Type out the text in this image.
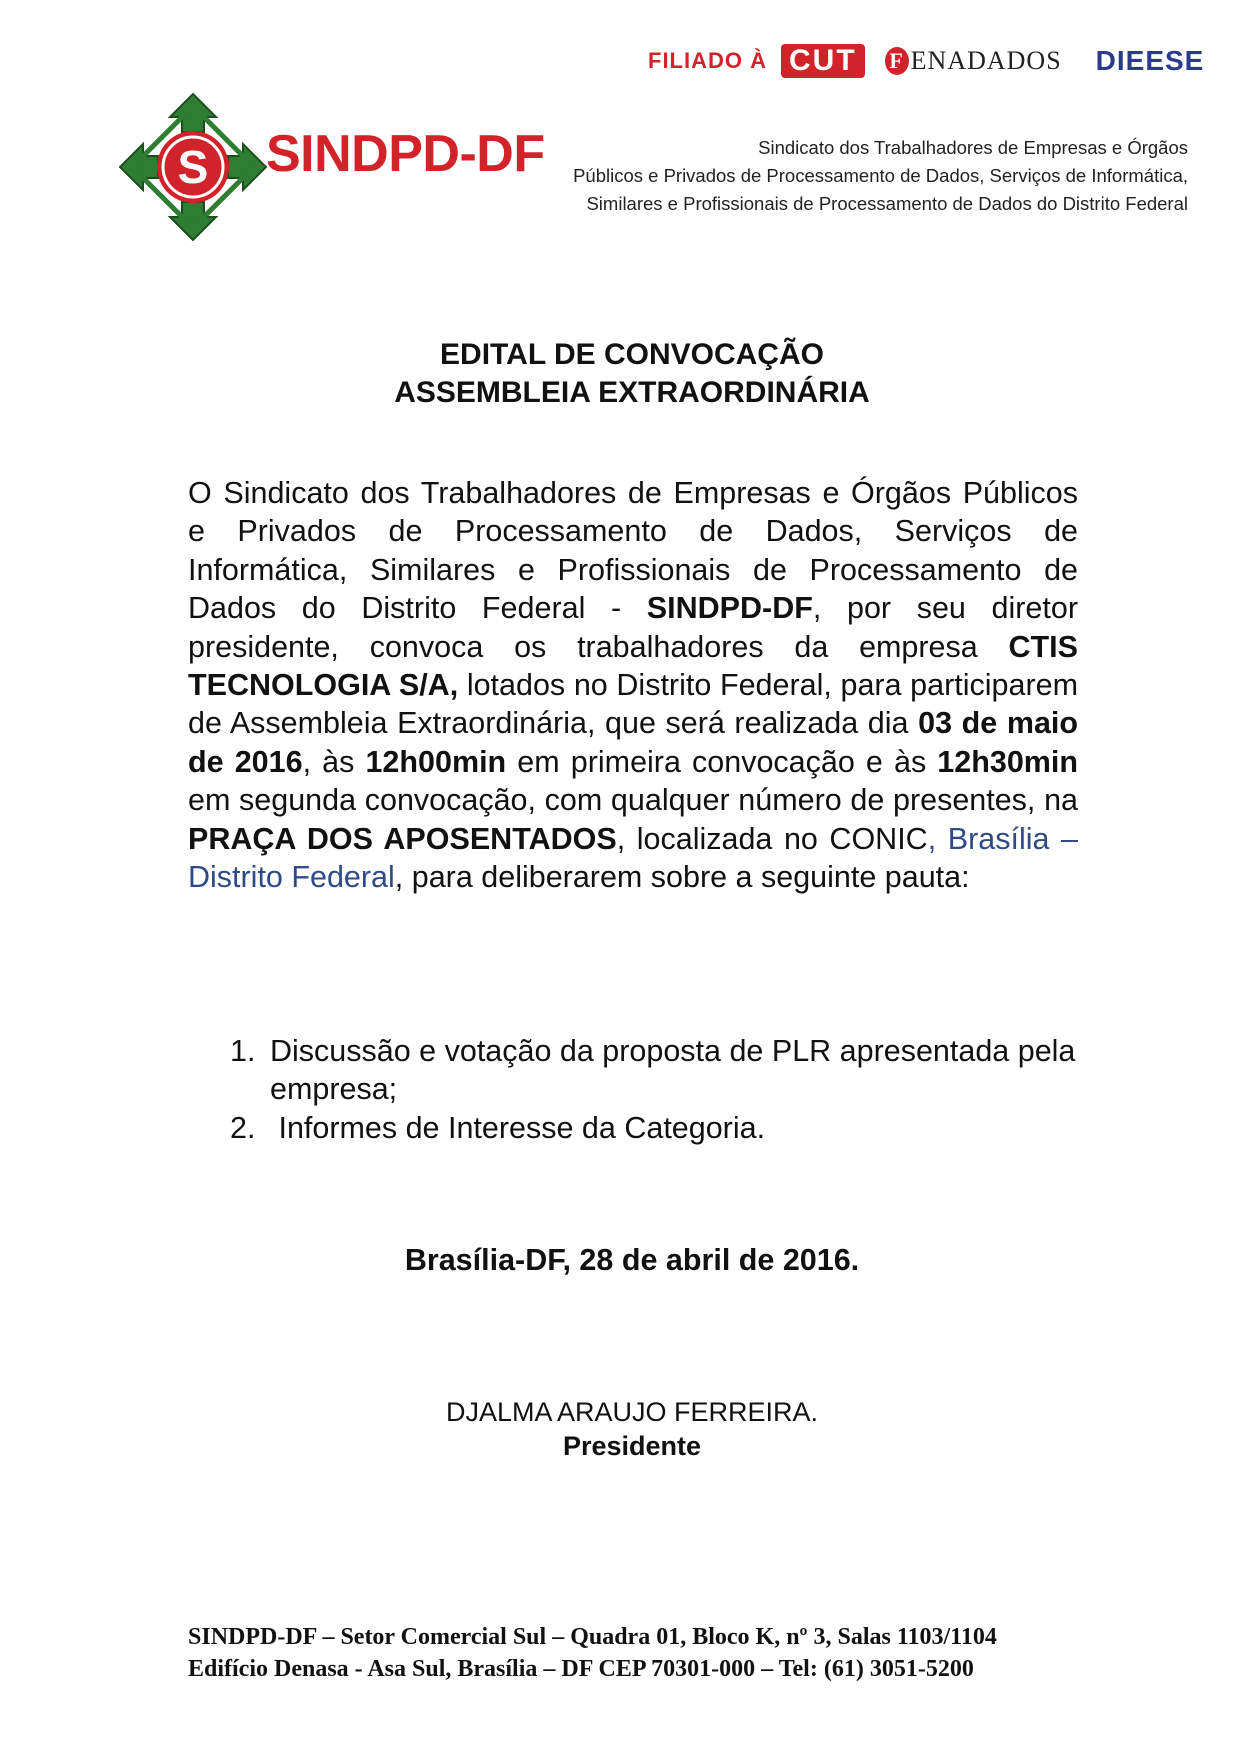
FILIADO À CUT	F ENADADOS DIEESE
S SINDPD-DF	Sindicato dos Trabalhadores de Empresas e Órgãos
Públicos e Privados de Processamento de Dados, Serviços de Informática,
Similares e Profissionais de Processamento de Dados do Distrito Federal
EDITAL DE CONVOCAÇÃO
ASSEMBLEIA EXTRAORDINÁRIA
O Sindicato dos Trabalhadores de Empresas e Órgãos Públicos e Privados de Processamento de Dados, Serviços de Informática, Similares e Profissionais de Processamento de Dados do Distrito Federal - SINDPD-DF, por seu diretor presidente, convoca os trabalhadores da empresa CTIS TECNOLOGIA S/A, lotados no Distrito Federal, para participarem de Assembleia Extraordinária, que será realizada dia 03 de maio de 2016, às 12h00min em primeira convocação e às 12h30min em segunda convocação, com qualquer número de presentes, na PRAÇA DOS APOSENTADOS, localizada no CONIC, Brasília – Distrito Federal, para deliberarem sobre a seguinte pauta:
1. Discussão e votação da proposta de PLR apresentada pela empresa;
2. Informes de Interesse da Categoria.
Brasília-DF, 28 de abril de 2016.
DJALMA ARAUJO FERREIRA.
Presidente
SINDPD-DF – Setor Comercial Sul – Quadra 01, Bloco K, nº 3, Salas 1103/1104
Edifício Denasa - Asa Sul, Brasília – DF CEP 70301-000 – Tel: (61) 3051-5200
